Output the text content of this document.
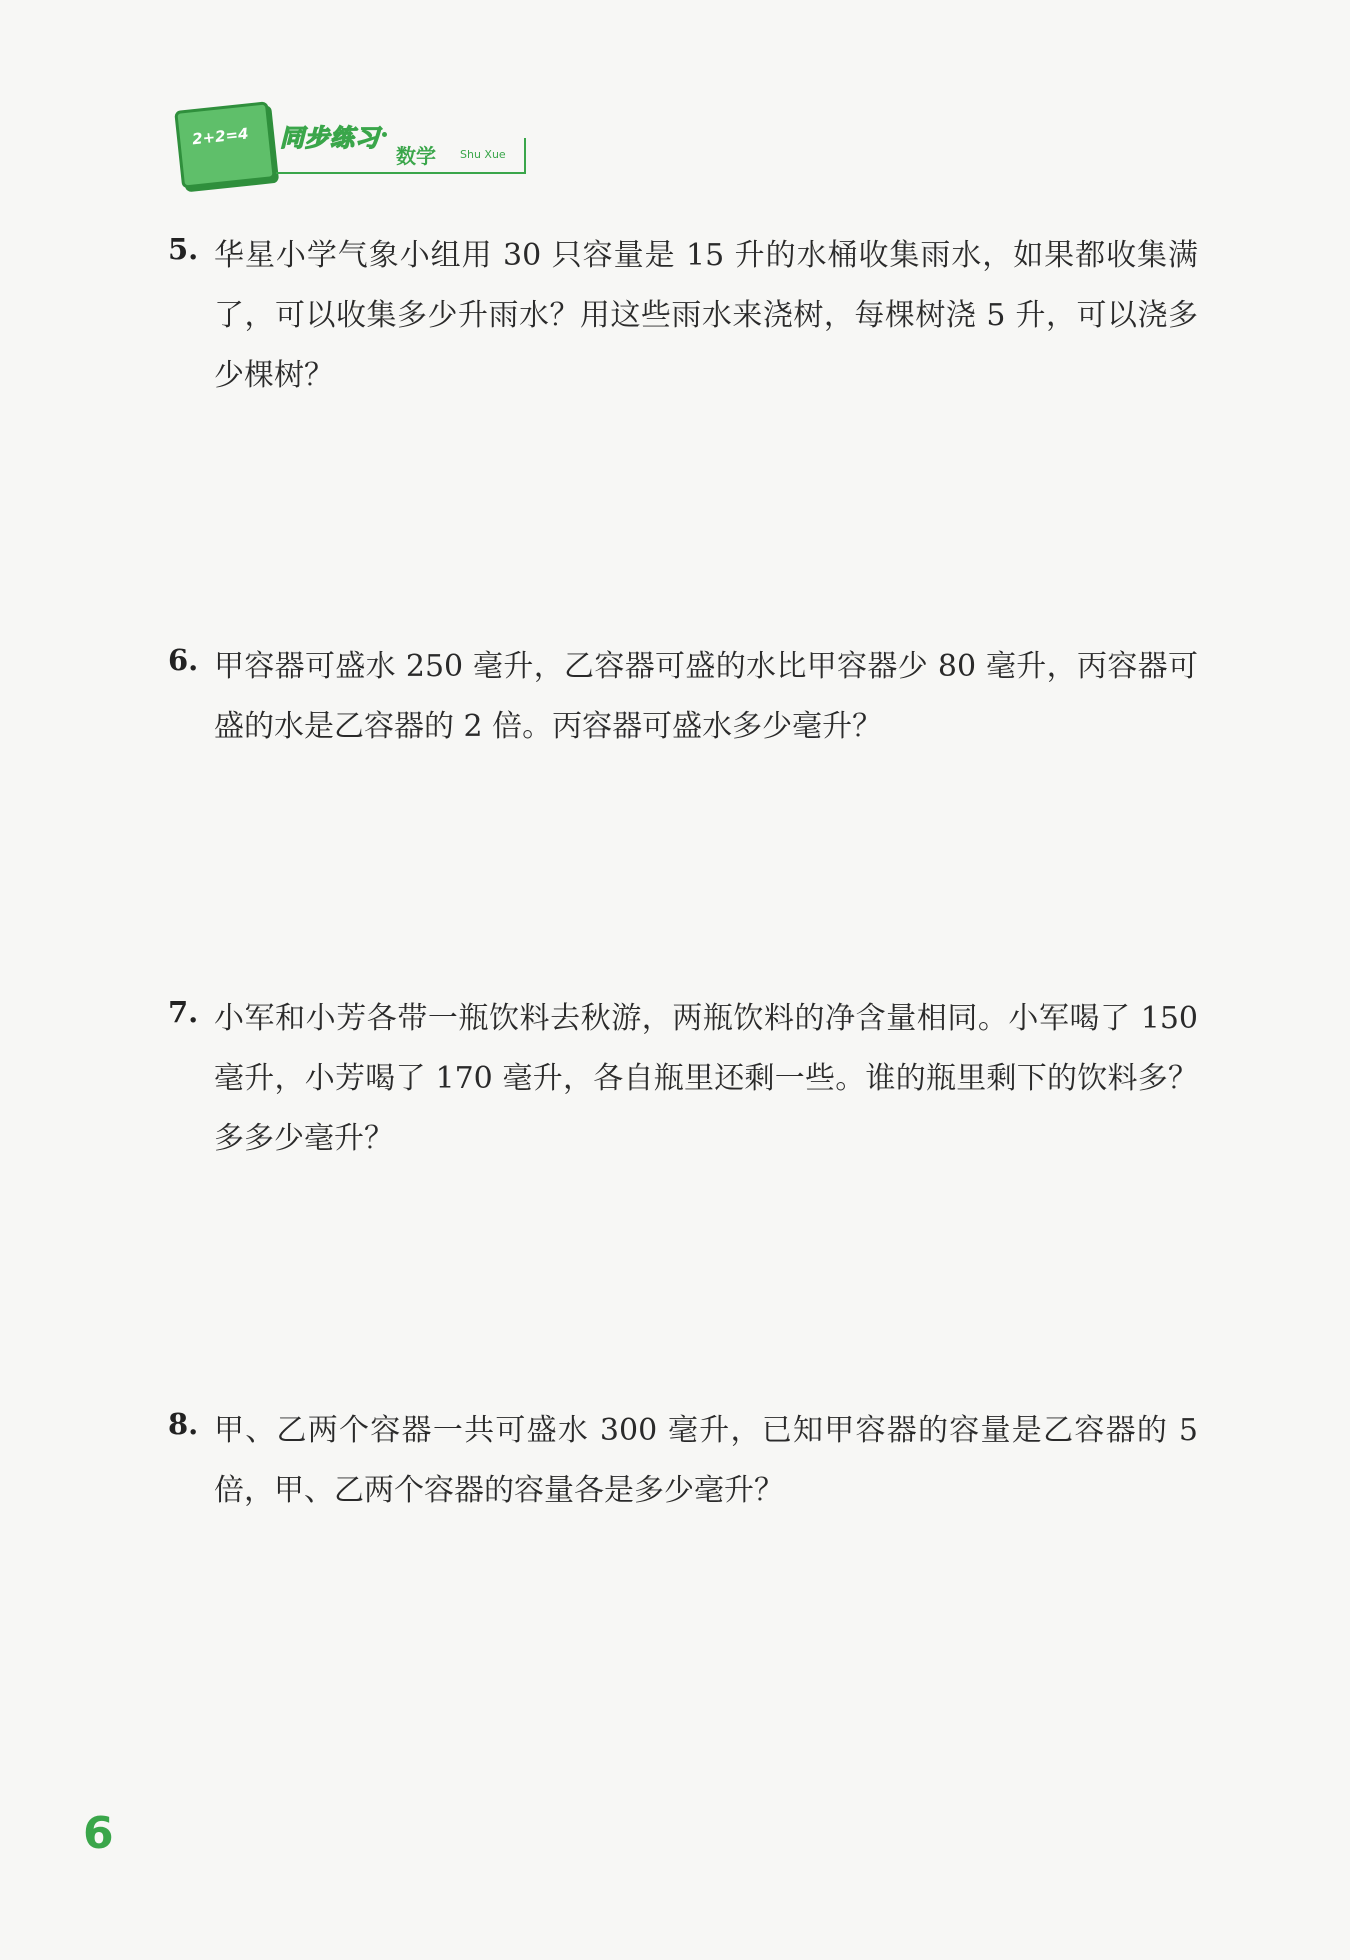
2+2=4 同步练习
数学 Shu Xue
5. 华星小学气象小组用 30 只容量是 15 升的水桶收集雨水，如果都收集满了，可以收集多少升雨水？用这些雨水来浇树，每棵树浇 5 升，可以浇多少棵树？
6. 甲容器可盛水 250 毫升，乙容器可盛的水比甲容器少 80 毫升，丙容器可盛的水是乙容器的 2 倍。丙容器可盛水多少毫升？
7. 小军和小芳各带一瓶饮料去秋游，两瓶饮料的净含量相同。小军喝了 150 毫升，小芳喝了 170 毫升，各自瓶里还剩一些。谁的瓶里剩下的饮料多？多多少毫升？
8. 甲、乙两个容器一共可盛水 300 毫升，已知甲容器的容量是乙容器的 5 倍，甲、乙两个容器的容量各是多少毫升？
6
